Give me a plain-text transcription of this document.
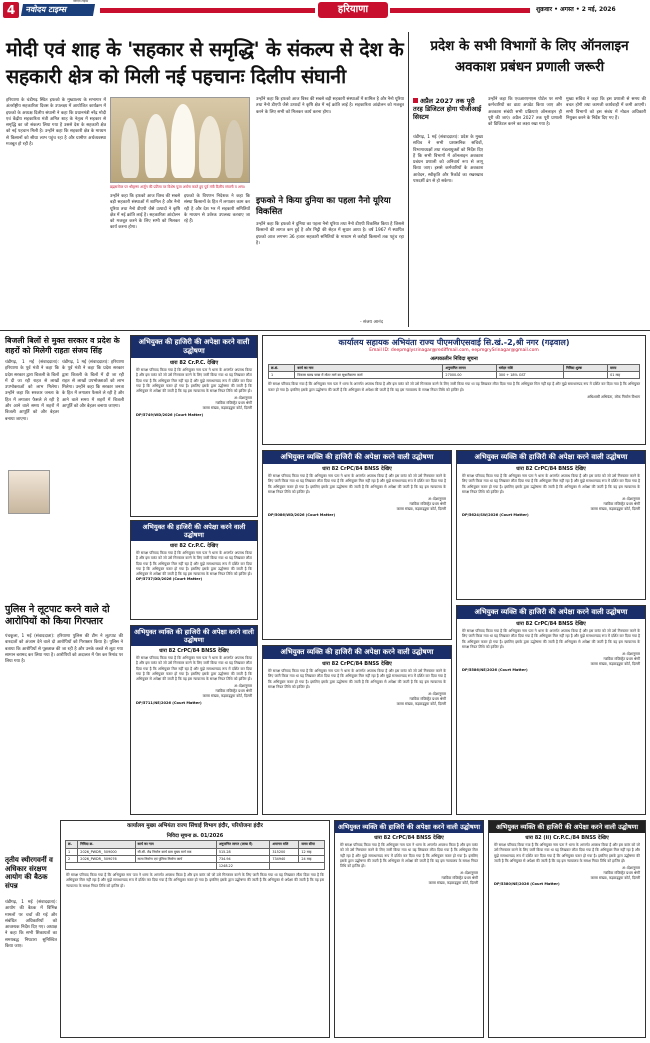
4
नवोदय टाइम्स
नवोदय टाइम्स	हरियाणा	शुक्रवार • अगस्त • 2 मई, 2026
मोदी एवं शाह के 'सहकार से समृद्धि' के संकल्प से देश के सहकारी क्षेत्र को मिली नई पहचानः दिलीप संघानी
प्रदेश के सभी विभागों के लिए ऑनलाइन अवकाश प्रबंधन प्रणाली जरूरी
हरियाणा के चंडीगढ़ स्थित इफको के मुख्यालय के सभागार में अंतर्राष्ट्रीय सहकारिता दिवस के उपलक्ष्य में आयोजित कार्यक्रम में इफको के अध्यक्ष दिलीप संघानी ने कहा कि प्रधानमंत्री नरेंद्र मोदी एवं केंद्रीय सहकारिता मंत्री अमित शाह के नेतृत्व में सहकार से समृद्धि का जो संकल्प लिया गया है उससे देश के सहकारी क्षेत्र को नई पहचान मिली है। उन्होंने कहा कि सहकारी क्षेत्र के माध्यम से किसानों को सीधा लाभ पहुंच रहा है और ग्रामीण अर्थव्यवस्था मजबूत हो रही है।
ब्रह्मसरोवर पर श्रीकृष्ण अर्जुन की प्रतिमा पर विशेष पूजा अर्चना करते हुए पूर्व मंत्री दिलीप संघानी व अन्य।
उन्होंने कहा कि इफको आज विश्व की सबसे बड़ी सहकारी संस्थाओं में शामिल है और नैनो यूरिया तथा नैनो डीएपी जैसे उत्पादों ने कृषि क्षेत्र में नई क्रांति लाई है। सहकारिता आंदोलन को मजबूत करने के लिए सभी को मिलकर कार्य करना होगा।
इफको के विपणन निदेशक ने कहा कि संस्था किसानों के हित में लगातार काम कर रही है और देश भर में सहकारी समितियों के माध्यम से उर्वरक उपलब्ध करवाए जा रहे हैं।
उन्होंने कहा कि इफको आज विश्व की सबसे बड़ी सहकारी संस्थाओं में शामिल है और नैनो यूरिया तथा नैनो डीएपी जैसे उत्पादों ने कृषि क्षेत्र में नई क्रांति लाई है। सहकारिता आंदोलन को मजबूत करने के लिए सभी को मिलकर कार्य करना होगा।
इफको ने किया दुनिया का पहला नैनो यूरिया विकसित
उन्होंने कहा कि इफको ने दुनिया का पहला नैनो यूरिया तथा नैनो डीएपी विकसित किया है जिससे किसानों की लागत कम हुई है और मिट्टी की सेहत में सुधार आया है। वर्ष 1967 में स्थापित इफको आज लगभग 36 हजार सहकारी समितियों के माध्यम से करोड़ों किसानों तक पहुंच रहा है।
- संजय आनंद
अप्रैल 2027 तक पूरी तरह डिजिटल होगा पीजीआई सिस्टम
चंडीगढ़, 1 मई (संवाददाता): प्रदेश के मुख्य सचिव ने सभी प्रशासनिक सचिवों, विभागाध्यक्षों तथा मंडलायुक्तों को निर्देश दिए हैं कि सभी विभागों में ऑनलाइन अवकाश प्रबंधन प्रणाली को अनिवार्य रूप से लागू किया जाए। इससे कर्मचारियों के अवकाश आवेदन, स्वीकृति और रिकॉर्ड का रखरखाव पारदर्शी ढंग से हो सकेगा।
उन्होंने कहा कि एचआरएमएस पोर्टल पर सभी कर्मचारियों का डाटा अपडेट किया जाए और अवकाश संबंधी सभी प्रक्रियाएं ऑनलाइन ही पूरी की जाएं। अप्रैल 2027 तक पूरी प्रणाली को डिजिटल करने का लक्ष्य रखा गया है।
मुख्य सचिव ने कहा कि इस प्रणाली से समय की बचत होगी तथा कागजी कार्यवाही में कमी आएगी। सभी विभागों को इस संबंध में नोडल अधिकारी नियुक्त करने के निर्देश दिए गए हैं।
बिजली बिलों से मुक्त सरकार व प्रदेश के शहरों को मिलेगी राहतः संजय सिंह
चंडीगढ़, 1 मई (संवाददाता): हरियाणा के पूर्व मंत्री ने कहा कि प्रदेश सरकार द्वारा बिजली के बिलों में दी जा रही राहत से लाखों उपभोक्ताओं को लाभ मिलेगा। उन्होंने कहा कि सरकार जनता के हित में लगातार फैसले ले रही है और आने वाले समय में शहरों में बिजली आपूर्ति को और बेहतर बनाया जाएगा।
चंडीगढ़, 1 मई (संवाददाता): हरियाणा के पूर्व मंत्री ने कहा कि प्रदेश सरकार द्वारा बिजली के बिलों में दी जा रही राहत से लाखों उपभोक्ताओं को लाभ मिलेगा। उन्होंने कहा कि सरकार जनता के हित में लगातार फैसले ले रही है और आने वाले समय में शहरों में बिजली आपूर्ति को और बेहतर बनाया जाएगा।
पुलिस ने लूटपाट करने वाले दो आरोपियों को किया गिरफ्तार
पंचकूला, 1 मई (संवाददाता): हरियाणा पुलिस की टीम ने लूटपाट की वारदातों को अंजाम देने वाले दो आरोपियों को गिरफ्तार किया है। पुलिस ने बताया कि आरोपियों से पूछताछ की जा रही है और उनके कब्जे से लूटा गया सामान बरामद कर लिया गया है। आरोपियों को अदालत में पेश कर रिमांड पर लिया गया है।
तृतीय स्थीरगवर्नी व अधिकार संरक्षण आयोग की बैठक संपन्न
चंडीगढ़, 1 मई (संवाददाता): आयोग की बैठक में विभिन्न मामलों पर चर्चा की गई और संबंधित अधिकारियों को आवश्यक निर्देश दिए गए। अध्यक्ष ने कहा कि सभी शिकायतों का समयबद्ध निपटारा सुनिश्चित किया जाए।
अभियुक्त की हाजिरी की अपेक्षा करने वाली उद्घोषणा
धारा 82 Cr.P.C. देखिए
मेरे समक्ष परिवाद किया गया है कि अभियुक्त नाम पता ने थाना के अन्तर्गत अपराध किया है और इस वारंट को जो उसे गिरफ्तार करने के लिए जारी किया गया था यह लिखकर लौटा दिया गया है कि अभियुक्त मिल नहीं रहा है और मुझे समाधानप्रद रूप में दर्शित कर दिया गया है कि अभियुक्त फरार हो गया है। इसलिए इसके द्वारा उद्घोषणा की जाती है कि अभियुक्त से अपेक्षा की जाती है कि वह इस न्यायालय के समक्ष नियत तिथि को हाजिर हो।
अादेशानुसार
न्यायिक मजिस्ट्रेट प्रथम श्रेणी
कमरा संख्या, कड़कड़डूमा कोर्ट, दिल्ली
DP/5749/WD/2026 (Court Matter)
अभियुक्त की हाजिरी की अपेक्षा करने वाली उद्घोषणा
धारा 82 Cr.P.C. देखिए
मेरे समक्ष परिवाद किया गया है कि अभियुक्त नाम पता ने थाना के अन्तर्गत अपराध किया है और इस वारंट को जो उसे गिरफ्तार करने के लिए जारी किया गया था यह लिखकर लौटा दिया गया है कि अभियुक्त मिल नहीं रहा है और मुझे समाधानप्रद रूप में दर्शित कर दिया गया है कि अभियुक्त फरार हो गया है। इसलिए इसके द्वारा उद्घोषणा की जाती है कि अभियुक्त से अपेक्षा की जाती है कि वह इस न्यायालय के समक्ष नियत तिथि को हाजिर हो।
DP/5737/DD/2026 (Court Matter)
अभियुक्त व्यक्ति की हाजिरी की अपेक्षा करने वाली उद्घोषणा
धारा 82 CrPC/84 BNSS देखिए
मेरे समक्ष परिवाद किया गया है कि अभियुक्त नाम पता ने थाना के अन्तर्गत अपराध किया है और इस वारंट को जो उसे गिरफ्तार करने के लिए जारी किया गया था यह लिखकर लौटा दिया गया है कि अभियुक्त मिल नहीं रहा है और मुझे समाधानप्रद रूप में दर्शित कर दिया गया है कि अभियुक्त फरार हो गया है। इसलिए इसके द्वारा उद्घोषणा की जाती है कि अभियुक्त से अपेक्षा की जाती है कि वह इस न्यायालय के समक्ष नियत तिथि को हाजिर हो।
अादेशानुसार
न्यायिक मजिस्ट्रेट प्रथम श्रेणी
कमरा संख्या, कड़कड़डूमा कोर्ट, दिल्ली
DP/5711/NE/2026 (Court Matter)
कार्यालय सहायक अभियंता राज्य पीएमजीएसवाई सि.खं.-2,श्री नगर (गढ़वाल)
Email ID: deepmglysrinagar@rediffmail.com, eepmgrySrinagar@gmail.com
अल्पकालीन निविदा सूचना
क्र.सं.	कार्य का नाम	अनुमानित लागत	धरोहर राशि	निविदा शुल्क	समय
1	विकास खण्ड चम्बा में मोटर मार्ग का सुधारीकरण कार्य	27000.00	300 + 18% GST		01 माह
मेरे समक्ष परिवाद किया गया है कि अभियुक्त नाम पता ने थाना के अन्तर्गत अपराध किया है और इस वारंट को जो उसे गिरफ्तार करने के लिए जारी किया गया था यह लिखकर लौटा दिया गया है कि अभियुक्त मिल नहीं रहा है और मुझे समाधानप्रद रूप में दर्शित कर दिया गया है कि अभियुक्त फरार हो गया है। इसलिए इसके द्वारा उद्घोषणा की जाती है कि अभियुक्त से अपेक्षा की जाती है कि वह इस न्यायालय के समक्ष नियत तिथि को हाजिर हो।
अधिशासी अभियंता, लोक निर्माण विभाग
अभियुक्त व्यक्ति की हाजिरी की अपेक्षा करने वाली उद्घोषणा
धारा 82 CrPC/84 BNSS देखिए
मेरे समक्ष परिवाद किया गया है कि अभियुक्त नाम पता ने थाना के अन्तर्गत अपराध किया है और इस वारंट को जो उसे गिरफ्तार करने के लिए जारी किया गया था यह लिखकर लौटा दिया गया है कि अभियुक्त मिल नहीं रहा है और मुझे समाधानप्रद रूप में दर्शित कर दिया गया है कि अभियुक्त फरार हो गया है। इसलिए इसके द्वारा उद्घोषणा की जाती है कि अभियुक्त से अपेक्षा की जाती है कि वह इस न्यायालय के समक्ष नियत तिथि को हाजिर हो।
अादेशानुसार
न्यायिक मजिस्ट्रेट प्रथम श्रेणी
कमरा संख्या, कड़कड़डूमा कोर्ट, दिल्ली
DP/5086/WD/2026 (Court Matter)
अभियुक्त व्यक्ति की हाजिरी की अपेक्षा करने वाली उद्घोषणा
धारा 82 CrPC/84 BNSS देखिए
मेरे समक्ष परिवाद किया गया है कि अभियुक्त नाम पता ने थाना के अन्तर्गत अपराध किया है और इस वारंट को जो उसे गिरफ्तार करने के लिए जारी किया गया था यह लिखकर लौटा दिया गया है कि अभियुक्त मिल नहीं रहा है और मुझे समाधानप्रद रूप में दर्शित कर दिया गया है कि अभियुक्त फरार हो गया है। इसलिए इसके द्वारा उद्घोषणा की जाती है कि अभियुक्त से अपेक्षा की जाती है कि वह इस न्यायालय के समक्ष नियत तिथि को हाजिर हो।
अादेशानुसार
न्यायिक मजिस्ट्रेट प्रथम श्रेणी
कमरा संख्या, कड़कड़डूमा कोर्ट, दिल्ली
DP/5624/SW/2026 (Court Matter)
अभियुक्त व्यक्ति की हाजिरी की अपेक्षा करने वाली उद्घोषणा
धारा 82 CrPC/84 BNSS देखिए
मेरे समक्ष परिवाद किया गया है कि अभियुक्त नाम पता ने थाना के अन्तर्गत अपराध किया है और इस वारंट को जो उसे गिरफ्तार करने के लिए जारी किया गया था यह लिखकर लौटा दिया गया है कि अभियुक्त मिल नहीं रहा है और मुझे समाधानप्रद रूप में दर्शित कर दिया गया है कि अभियुक्त फरार हो गया है। इसलिए इसके द्वारा उद्घोषणा की जाती है कि अभियुक्त से अपेक्षा की जाती है कि वह इस न्यायालय के समक्ष नियत तिथि को हाजिर हो।
अादेशानुसार
न्यायिक मजिस्ट्रेट प्रथम श्रेणी
कमरा संख्या, कड़कड़डूमा कोर्ट, दिल्ली
अभियुक्त व्यक्ति की हाजिरी की अपेक्षा करने वाली उद्घोषणा
धारा 82 CrPC/84 BNSS देखिए
मेरे समक्ष परिवाद किया गया है कि अभियुक्त नाम पता ने थाना के अन्तर्गत अपराध किया है और इस वारंट को जो उसे गिरफ्तार करने के लिए जारी किया गया था यह लिखकर लौटा दिया गया है कि अभियुक्त मिल नहीं रहा है और मुझे समाधानप्रद रूप में दर्शित कर दिया गया है कि अभियुक्त फरार हो गया है। इसलिए इसके द्वारा उद्घोषणा की जाती है कि अभियुक्त से अपेक्षा की जाती है कि वह इस न्यायालय के समक्ष नियत तिथि को हाजिर हो।
अादेशानुसार
न्यायिक मजिस्ट्रेट प्रथम श्रेणी
कमरा संख्या, कड़कड़डूमा कोर्ट, दिल्ली
DP/5586/NE/2026 (Court Matter)
कार्यालय मुख्य अभियंता राज्य सिंचाई विभाग इंदौर, परियोजना इंदौर
निविदा सूचना क्र. 01/2026
क्र.	निविदा क्र.	कार्य का नाम	अनुमानित लागत (लाख में)	अमानत राशि	समय सीमा
1	2026_PWDR_ 509000	सी.सी. रोड निर्माण कार्य ग्राम मुख्य मार्ग तक	515.28	315200	12 माह
2	2026_PWDR_ 509076	नाला निर्माण एवं पुलिया निर्माण कार्य	734.94	734940	24 माह
			1248.22		
मेरे समक्ष परिवाद किया गया है कि अभियुक्त नाम पता ने थाना के अन्तर्गत अपराध किया है और इस वारंट को जो उसे गिरफ्तार करने के लिए जारी किया गया था यह लिखकर लौटा दिया गया है कि अभियुक्त मिल नहीं रहा है और मुझे समाधानप्रद रूप में दर्शित कर दिया गया है कि अभियुक्त फरार हो गया है। इसलिए इसके द्वारा उद्घोषणा की जाती है कि अभियुक्त से अपेक्षा की जाती है कि वह इस न्यायालय के समक्ष नियत तिथि को हाजिर हो।
अभियुक्त व्यक्ति की हाजिरी की अपेक्षा करने वाली उद्घोषणा
धारा 82 CrPC/84 BNSS देखिए
मेरे समक्ष परिवाद किया गया है कि अभियुक्त नाम पता ने थाना के अन्तर्गत अपराध किया है और इस वारंट को जो उसे गिरफ्तार करने के लिए जारी किया गया था यह लिखकर लौटा दिया गया है कि अभियुक्त मिल नहीं रहा है और मुझे समाधानप्रद रूप में दर्शित कर दिया गया है कि अभियुक्त फरार हो गया है। इसलिए इसके द्वारा उद्घोषणा की जाती है कि अभियुक्त से अपेक्षा की जाती है कि वह इस न्यायालय के समक्ष नियत तिथि को हाजिर हो।
अादेशानुसार
न्यायिक मजिस्ट्रेट प्रथम श्रेणी
कमरा संख्या, कड़कड़डूमा कोर्ट, दिल्ली
अभियुक्त व्यक्ति की हाजिरी की अपेक्षा करने वाली उद्घोषणा
धारा 82 (ii) Cr.P.C./84 BNSS देखिए
मेरे समक्ष परिवाद किया गया है कि अभियुक्त नाम पता ने थाना के अन्तर्गत अपराध किया है और इस वारंट को जो उसे गिरफ्तार करने के लिए जारी किया गया था यह लिखकर लौटा दिया गया है कि अभियुक्त मिल नहीं रहा है और मुझे समाधानप्रद रूप में दर्शित कर दिया गया है कि अभियुक्त फरार हो गया है। इसलिए इसके द्वारा उद्घोषणा की जाती है कि अभियुक्त से अपेक्षा की जाती है कि वह इस न्यायालय के समक्ष नियत तिथि को हाजिर हो।
अादेशानुसार
न्यायिक मजिस्ट्रेट प्रथम श्रेणी
कमरा संख्या, कड़कड़डूमा कोर्ट, दिल्ली
DP/5380/NE/2026 (Court Matter)
